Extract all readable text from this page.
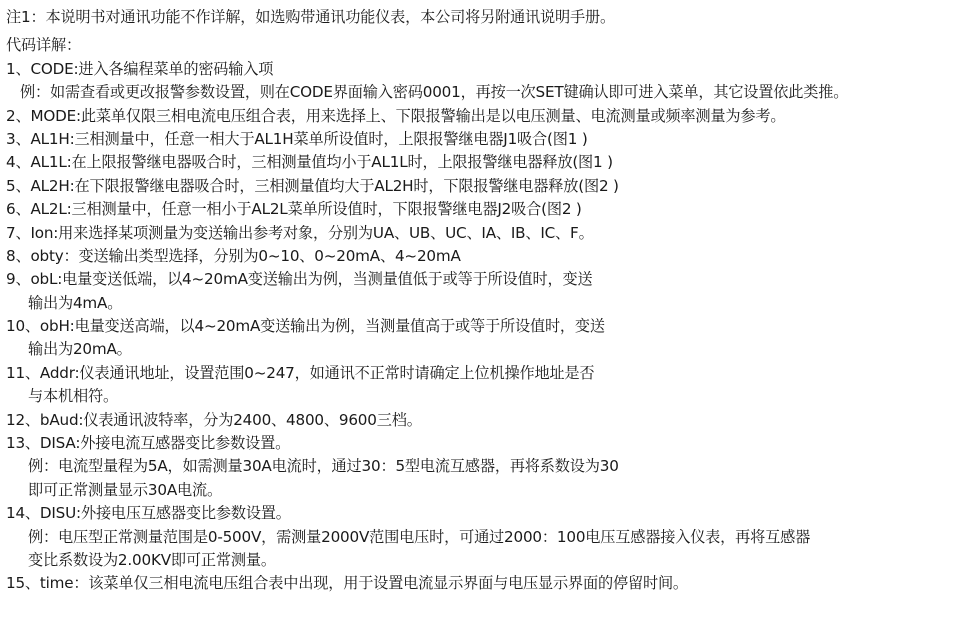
注1：本说明书对通讯功能不作详解，如选购带通讯功能仪表，本公司将另附通讯说明手册。
代码详解：
1、CODE:进入各编程菜单的密码输入项
例：如需查看或更改报警参数设置，则在CODE界面输入密码0001，再按一次SET键确认即可进入菜单，其它设置依此类推。
2、MODE:此菜单仅限三相电流电压组合表，用来选择上、下限报警输出是以电压测量、电流测量或频率测量为参考。
3、AL1H:三相测量中，任意一相大于AL1H菜单所设值时，上限报警继电器J1吸合(图1 )
4、AL1L:在上限报警继电器吸合时，三相测量值均小于AL1L时，上限报警继电器释放(图1 )
5、AL2H:在下限报警继电器吸合时，三相测量值均大于AL2H时，下限报警继电器释放(图2 )
6、AL2L:三相测量中，任意一相小于AL2L菜单所设值时，下限报警继电器J2吸合(图2 )
7、Ion:用来选择某项测量为变送输出参考对象，分别为UA、UB、UC、IA、IB、IC、F。
8、obty：变送输出类型选择，分别为0~10、0~20mA、4~20mA
9、obL:电量变送低端，以4~20mA变送输出为例，当测量值低于或等于所设值时，变送
输出为4mA。
10、obH:电量变送高端，以4~20mA变送输出为例，当测量值高于或等于所设值时，变送
输出为20mA。
11、Addr:仪表通讯地址，设置范围0~247，如通讯不正常时请确定上位机操作地址是否
与本机相符。
12、bAud:仪表通讯波特率，分为2400、4800、9600三档。
13、DISA:外接电流互感器变比参数设置。
例：电流型量程为5A，如需测量30A电流时，通过30：5型电流互感器，再将系数设为30
即可正常测量显示30A电流。
14、DISU:外接电压互感器变比参数设置。
例：电压型正常测量范围是0-500V，需测量2000V范围电压时，可通过2000：100电压互感器接入仪表，再将互感器
变比系数设为2.00KV即可正常测量。
15、time：该菜单仅三相电流电压组合表中出现，用于设置电流显示界面与电压显示界面的停留时间。
